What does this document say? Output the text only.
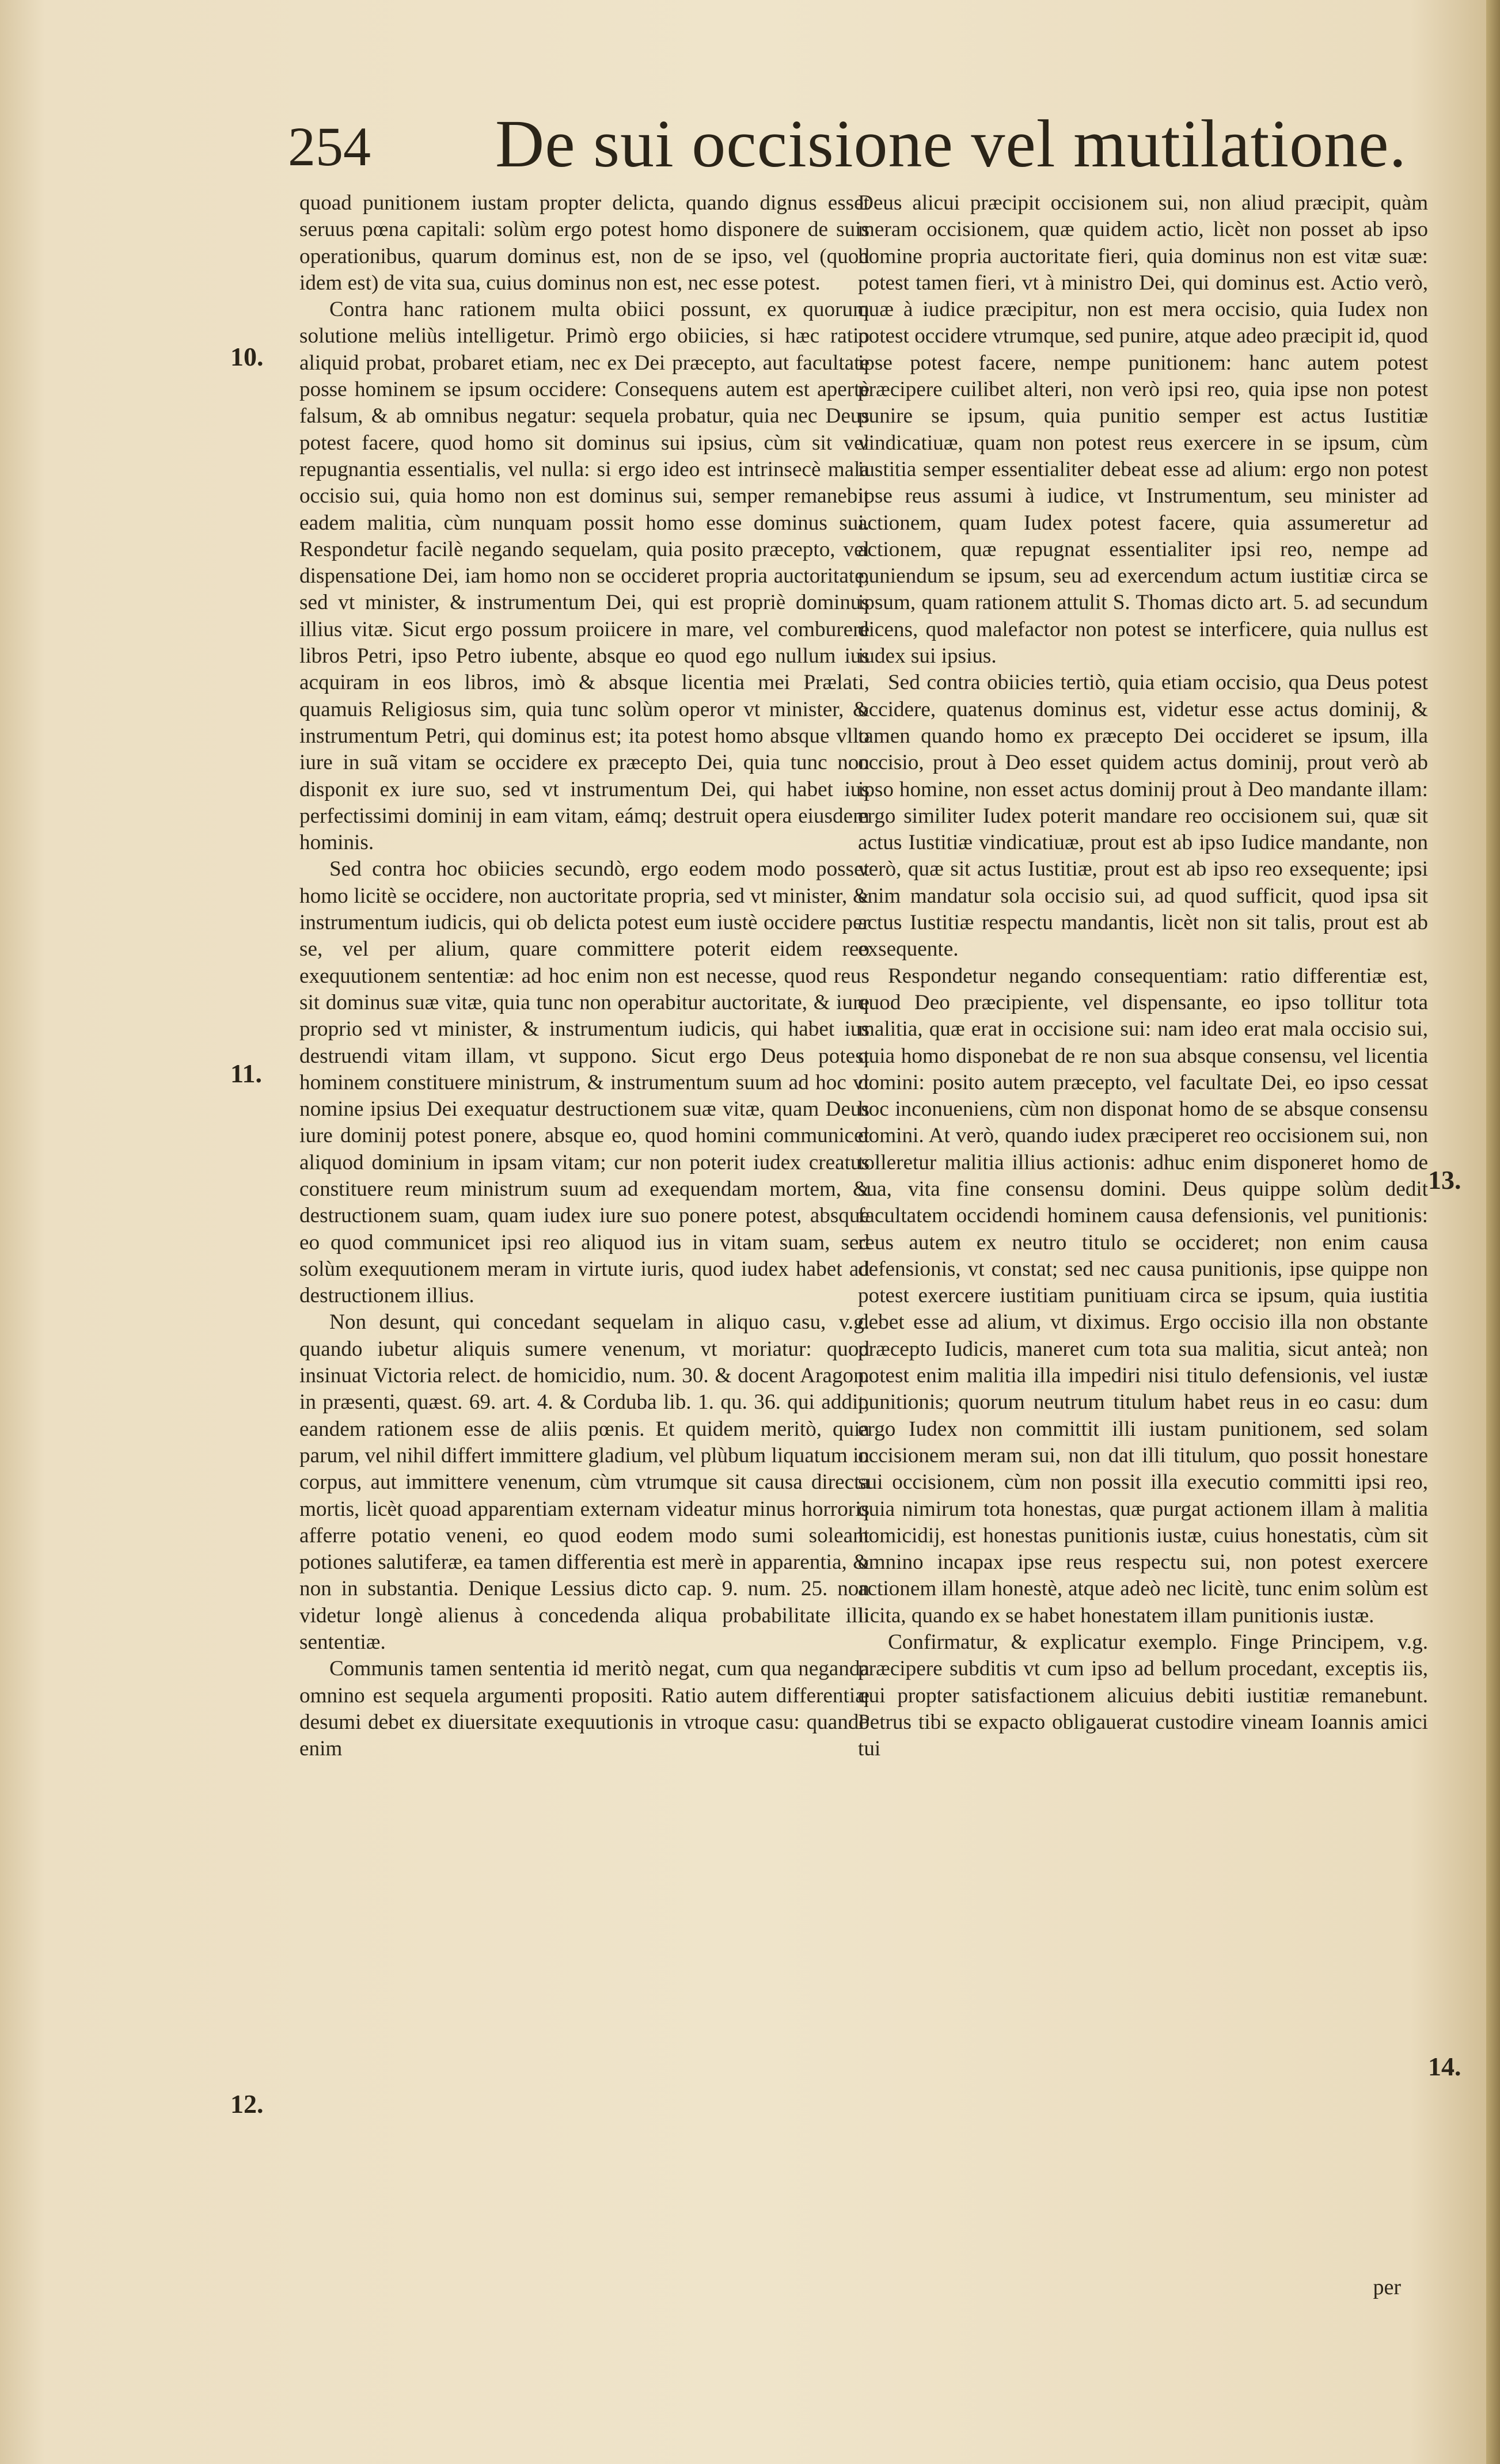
254 De sui occisione vel mutilatione.
10.
11.
12.
13.
14.

quoad punitionem iustam propter delicta, quando dignus esset seruus pœna capitali: solùm ergo potest homo disponere de suis operationibus, quarum dominus est, non de se ipso, vel (quod idem est) de vita sua, cuius dominus non est, nec esse potest.

Contra hanc rationem multa obiici possunt, ex quorum solutione meliùs intelligetur. Primò ergo obiicies, si hæc ratio aliquid probat, probaret etiam, nec ex Dei præcepto, aut facultate posse hominem se ipsum occidere: Consequens autem est apertè falsum, & ab omnibus negatur: sequela probatur, quia nec Deus potest facere, quod homo sit dominus sui ipsius, cùm sit vel repugnantia essentialis, vel nulla: si ergo ideo est intrinsecè mala occisio sui, quia homo non est dominus sui, semper remanebit eadem malitia, cùm nunquam possit homo esse dominus sui. Respondetur facilè negando sequelam, quia posito præcepto, vel dispensatione Dei, iam homo non se occideret propria auctoritate, sed vt minister, & instrumentum Dei, qui est propriè dominus illius vitæ. Sicut ergo possum proiicere in mare, vel comburere libros Petri, ipso Petro iubente, absque eo quod ego nullum ius acquiram in eos libros, imò & absque licentia mei Prælati, quamuis Religiosus sim, quia tunc solùm operor vt minister, & instrumentum Petri, qui dominus est; ita potest homo absque vllo iure in suã vitam se occidere ex præcepto Dei, quia tunc non disponit ex iure suo, sed vt instrumentum Dei, qui habet ius perfectissimi dominij in eam vitam, eámq; destruit opera eiusdem hominis.

Sed contra hoc obiicies secundò, ergo eodem modo posset homo licitè se occidere, non auctoritate propria, sed vt minister, & instrumentum iudicis, qui ob delicta potest eum iustè occidere per se, vel per alium, quare committere poterit eidem reo exequutionem sententiæ: ad hoc enim non est necesse, quod reus sit dominus suæ vitæ, quia tunc non operabitur auctoritate, & iure proprio sed vt minister, & instrumentum iudicis, qui habet ius destruendi vitam illam, vt suppono. Sicut ergo Deus potest hominem constituere ministrum, & instrumentum suum ad hoc vt nomine ipsius Dei exequatur destructionem suæ vitæ, quam Deus iure dominij potest ponere, absque eo, quod homini communicet aliquod dominium in ipsam vitam; cur non poterit iudex creatus constituere reum ministrum suum ad exequendam mortem, & destructionem suam, quam iudex iure suo ponere potest, absque eo quod communicet ipsi reo aliquod ius in vitam suam, sed solùm exequutionem meram in virtute iuris, quod iudex habet ad destructionem illius.

Non desunt, qui concedant sequelam in aliquo casu, v.g. quando iubetur aliquis sumere venenum, vt moriatur: quod insinuat Victoria relect. de homicidio, num. 30. & docent Aragon. in præsenti, quæst. 69. art. 4. & Corduba lib. 1. qu. 36. qui addit, eandem rationem esse de aliis pœnis. Et quidem meritò, quia parum, vel nihil differt immittere gladium, vel plùbum liquatum in corpus, aut immittere venenum, cùm vtrumque sit causa directa mortis, licèt quoad apparentiam externam videatur minus horroris afferre potatio veneni, eo quod eodem modo sumi soleant potiones salutiferæ, ea tamen differentia est merè in apparentia, & non in substantia. Denique Lessius dicto cap. 9. num. 25. non videtur longè alienus à concedenda aliqua probabilitate illi sententiæ.

Communis tamen sententia id meritò negat, cum qua neganda omnino est sequela argumenti propositi. Ratio autem differentiæ desumi debet ex diuersitate exequutionis in vtroque casu: quando enim

Deus alicui præcipit occisionem sui, non aliud præcipit, quàm meram occisionem, quæ quidem actio, licèt non posset ab ipso homine propria auctoritate fieri, quia dominus non est vitæ suæ: potest tamen fieri, vt à ministro Dei, qui dominus est. Actio verò, quæ à iudice præcipitur, non est mera occisio, quia Iudex non potest occidere vtrumque, sed punire, atque adeo præcipit id, quod ipse potest facere, nempe punitionem: hanc autem potest præcipere cuilibet alteri, non verò ipsi reo, quia ipse non potest punire se ipsum, quia punitio semper est actus Iustitiæ vindicatiuæ, quam non potest reus exercere in se ipsum, cùm iustitia semper essentialiter debeat esse ad alium: ergo non potest ipse reus assumi à iudice, vt Instrumentum, seu minister ad actionem, quam Iudex potest facere, quia assumeretur ad actionem, quæ repugnat essentialiter ipsi reo, nempe ad puniendum se ipsum, seu ad exercendum actum iustitiæ circa se ipsum, quam rationem attulit S. Thomas dicto art. 5. ad secundum dicens, quod malefactor non potest se interficere, quia nullus est iudex sui ipsius.

Sed contra obiicies tertiò, quia etiam occisio, qua Deus potest occidere, quatenus dominus est, videtur esse actus dominij, & tamen quando homo ex præcepto Dei occideret se ipsum, illa occisio, prout à Deo esset quidem actus dominij, prout verò ab ipso homine, non esset actus dominij prout à Deo mandante illam: ergo similiter Iudex poterit mandare reo occisionem sui, quæ sit actus Iustitiæ vindicatiuæ, prout est ab ipso Iudice mandante, non verò, quæ sit actus Iustitiæ, prout est ab ipso reo exsequente; ipsi enim mandatur sola occisio sui, ad quod sufficit, quod ipsa sit actus Iustitiæ respectu mandantis, licèt non sit talis, prout est ab exsequente.

Respondetur negando consequentiam: ratio differentiæ est, quod Deo præcipiente, vel dispensante, eo ipso tollitur tota malitia, quæ erat in occisione sui: nam ideo erat mala occisio sui, quia homo disponebat de re non sua absque consensu, vel licentia domini: posito autem præcepto, vel facultate Dei, eo ipso cessat hoc inconueniens, cùm non disponat homo de se absque consensu domini. At verò, quando iudex præciperet reo occisionem sui, non tolleretur malitia illius actionis: adhuc enim disponeret homo de sua, vita fine consensu domini. Deus quippe solùm dedit facultatem occidendi hominem causa defensionis, vel punitionis: reus autem ex neutro titulo se occideret; non enim causa defensionis, vt constat; sed nec causa punitionis, ipse quippe non potest exercere iustitiam punitiuam circa se ipsum, quia iustitia debet esse ad alium, vt diximus. Ergo occisio illa non obstante præcepto Iudicis, maneret cum tota sua malitia, sicut anteà; non potest enim malitia illa impediri nisi titulo defensionis, vel iustæ punitionis; quorum neutrum titulum habet reus in eo casu: dum ergo Iudex non committit illi iustam punitionem, sed solam occisionem meram sui, non dat illi titulum, quo possit honestare sui occisionem, cùm non possit illa executio committi ipsi reo, quia nimirum tota honestas, quæ purgat actionem illam à malitia homicidij, est honestas punitionis iustæ, cuius honestatis, cùm sit omnino incapax ipse reus respectu sui, non potest exercere actionem illam honestè, atque adeò nec licitè, tunc enim solùm est licita, quando ex se habet honestatem illam punitionis iustæ.

Confirmatur, & explicatur exemplo. Finge Principem, v.g. præcipere subditis vt cum ipso ad bellum procedant, exceptis iis, qui propter satisfactionem alicuius debiti iustitiæ remanebunt. Petrus tibi se expacto obligauerat custodire vineam Ioannis amici tui

per
